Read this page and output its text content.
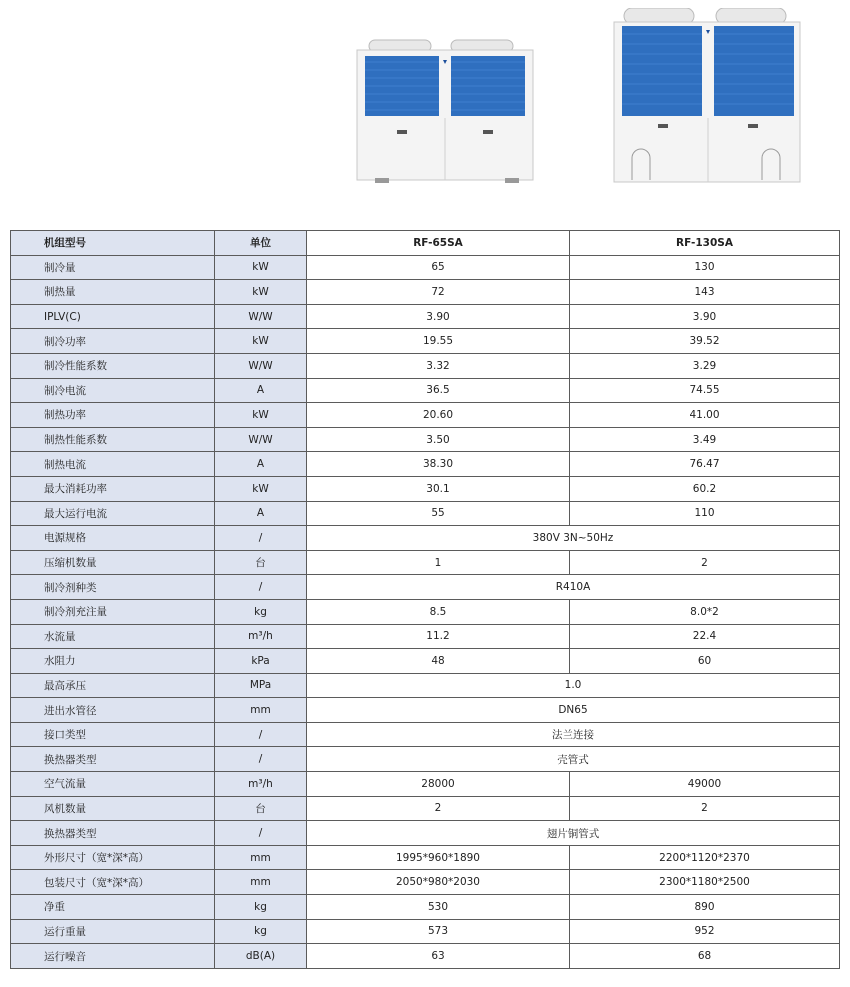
机组型号	单位	RF-65SA	RF-130SA
制冷量	kW	65	130
制热量	kW	72	143
IPLV(C)	W/W	3.90	3.90
制冷功率	kW	19.55	39.52
制冷性能系数	W/W	3.32	3.29
制冷电流	A	36.5	74.55
制热功率	kW	20.60	41.00
制热性能系数	W/W	3.50	3.49
制热电流	A	38.30	76.47
最大消耗功率	kW	30.1	60.2
最大运行电流	A	55	110
电源规格	/	380V 3N~50Hz	
压缩机数量	台	1	2
制冷剂种类	/	R410A	
制冷剂充注量	kg	8.5	8.0*2
水流量	m³/h	11.2	22.4
水阻力	kPa	48	60
最高承压	MPa	1.0	
进出水管径	mm	DN65	
接口类型	/	法兰连接	
换热器类型	/	壳管式	
空气流量	m³/h	28000	49000
风机数量	台	2	2
换热器类型	/	翅片铜管式	
外形尺寸（宽*深*高）	mm	1995*960*1890	2200*1120*2370
包装尺寸（宽*深*高）	mm	2050*980*2030	2300*1180*2500
净重	kg	530	890
运行重量	kg	573	952
运行噪音	dB(A)	63	68
